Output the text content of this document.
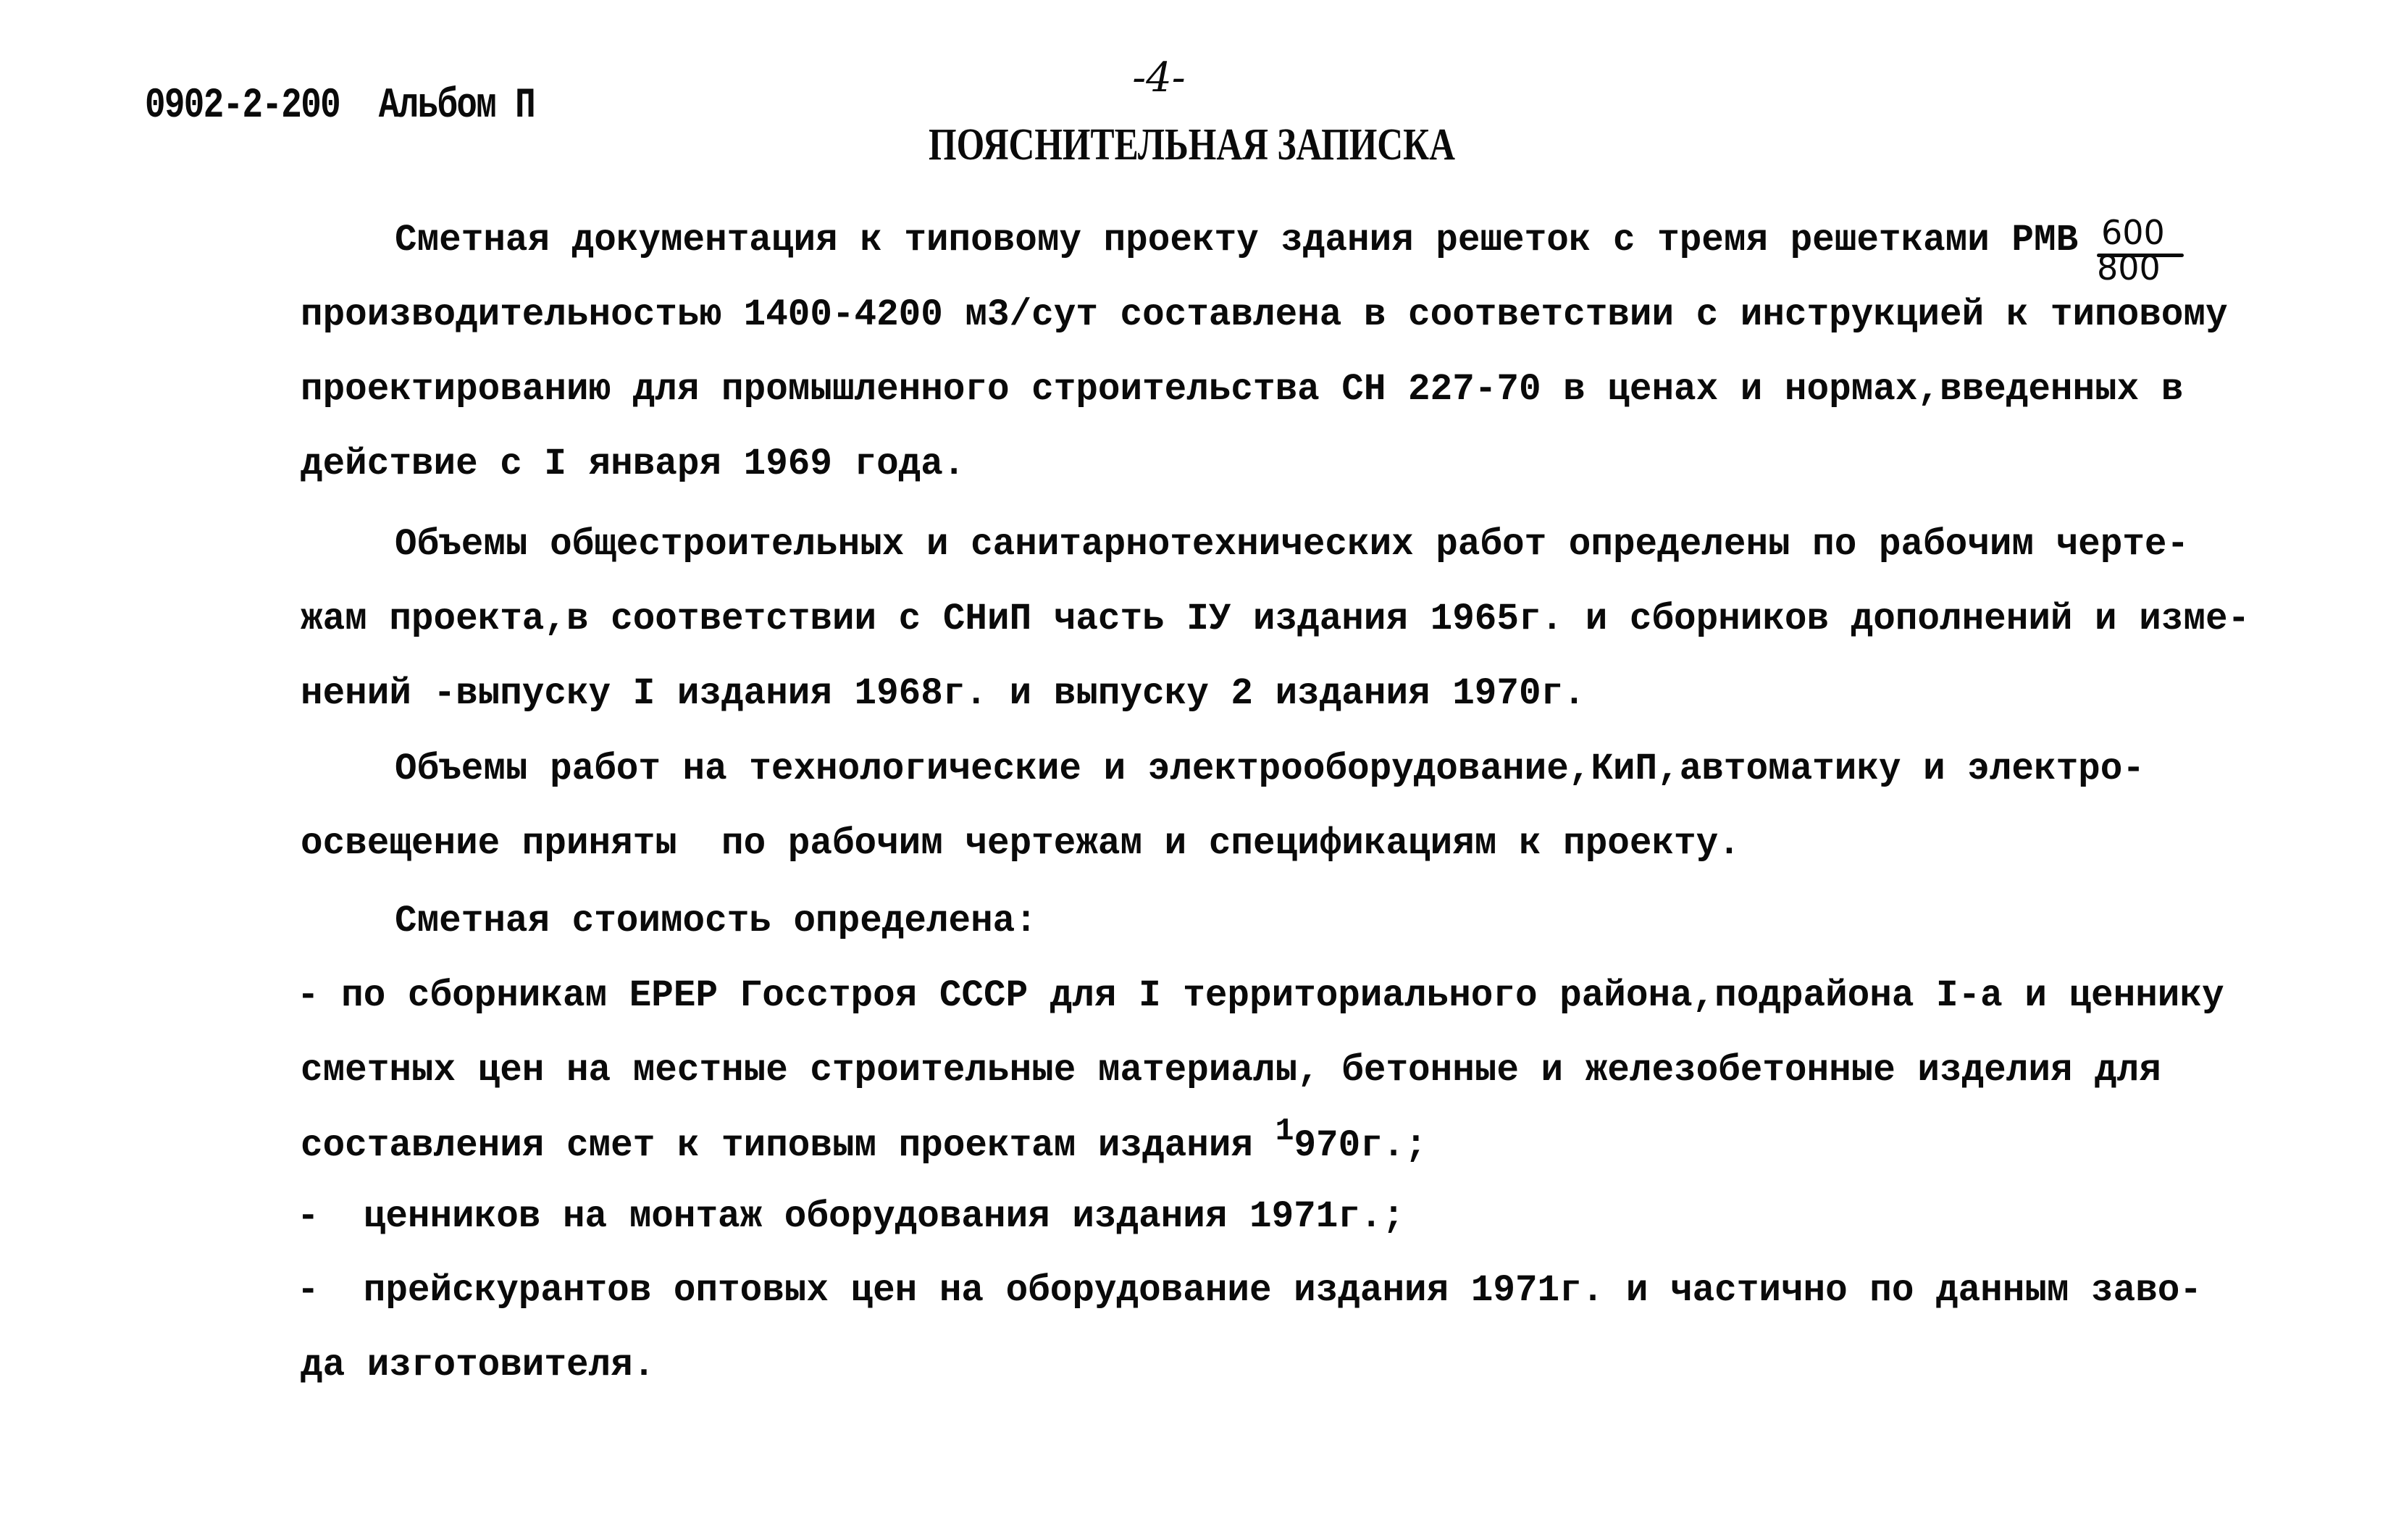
0902-2-200  Альбом П
-4-
ПОЯСНИТЕЛЬНАЯ ЗАПИСКА
Сметная документация к типовому проекту здания решеток с тремя решетками РМВ 600
800
производительностью 1400-4200 м3/сут составлена в соответствии с инструкцией к типовому
проектированию для промышленного строительства СН 227-70 в ценах и нормах,введенных в
действие с I января 1969 года.
Объемы общестроительных и санитарнотехнических работ определены по рабочим черте-
жам проекта,в соответствии с СНиП часть IУ издания 1965г. и сборников дополнений и изме-
нений -выпуску I издания 1968г. и выпуску 2 издания 1970г.
Объемы работ на технологические и электрооборудование,КиП,автоматику и электро-
освещение приняты  по рабочим чертежам и спецификациям к проекту.
Сметная стоимость определена:
- по сборникам ЕРЕР Госстроя СССР для I территориального района,подрайона I-а и ценнику
сметных цен на местные строительные материалы, бетонные и железобетонные изделия для
составления смет к типовым проектам издания $^1$970г.;
-  ценников на монтаж оборудования издания 1971г.;
-  прейскурантов оптовых цен на оборудование издания 1971г. и частично по данным заво-
да изготовителя.
